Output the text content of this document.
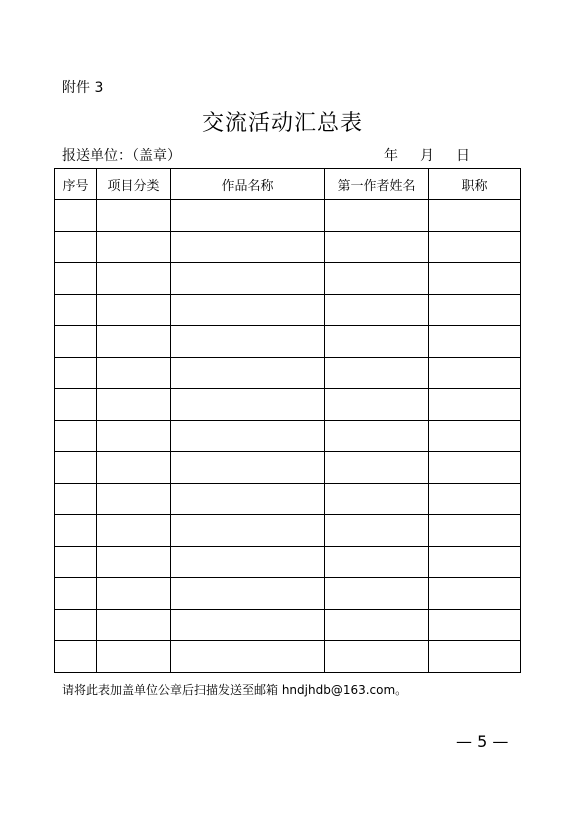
附件 3
交流活动汇总表
报送单位：（盖章）	年	月	日
序号	项目分类	作品名称	第一作者姓名	职称

请将此表加盖单位公章后扫描发送至邮箱 hndjhdb@163.com。
— 5 —
